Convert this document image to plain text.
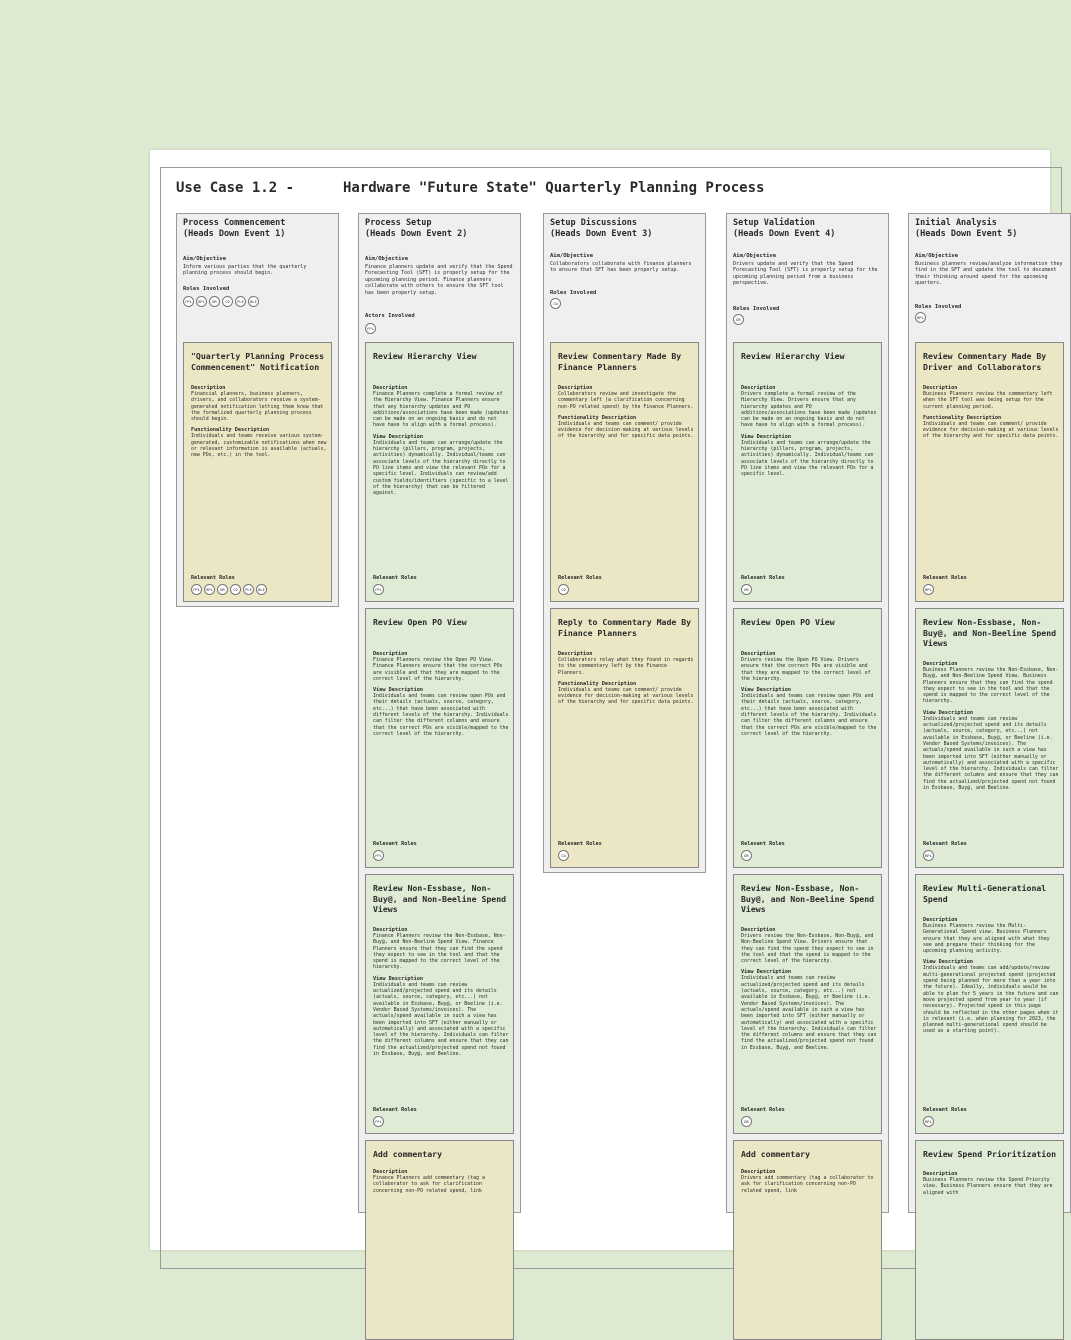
Use Case 1.2 -	Hardware "Future State" Quarterly Planning Process
Process Commencement
(Heads Down Event 1)
Aim/Objective
Inform various parties that the quarterly planning process should begin.
Roles Involved
FPL	BPL	DR	CO	PLE	BLE
"Quarterly Planning Process Commencement" Notification
Description
Financial planners, business planners, drivers, and collaborators receive a system-generated notification letting them know that the formalized quarterly planning process should begin.
Functionality Description
Individuals and teams receive various system-generated, customizable notifications when new or relevant information is available (actuals, new POs, etc.) in the tool.
Relevant Roles
FPL	BPL	DR	CO	PLE	BLE
Process Setup
(Heads Down Event 2)
Aim/Objective
Finance planners update and verify that the Spend Forecasting Tool (SFT) is properly setup for the upcoming planning period. Finance planners collaborate with others to ensure the SFT tool has been properly setup.
Actors Involved
FPL
Review Hierarchy View
Description
Finance Planners complete a formal review of the Hierarchy View. Finance Planners ensure that any hierarchy updates and PO additions/associations have been made (updates can be made on an ongoing basis and do not have have to align with a formal process).
View Description
Individuals and teams can arrange/update the hierarchy (pillars, program, projects, activities) dynamically. Individual/teams can associate levels of the hierarchy directly to PO line items and view the relevant POs for a specific level. Individuals can review/add custom fields/identifiers (specific to a level of the hierarchy) that can be filtered against.
Relevant Roles
FPL
Review Open PO View
Description
Finance Planners review the Open PO View. Finance Planners ensure that the correct POs are visible and that they are mapped to the correct level of the hierarchy.
View Description
Individuals and teams can review open POs and their details (actuals, source, category, etc...) that have been associated with different levels of the hierarchy. Individuals can filter the different columns and ensure that the correct POs are visible/mapped to the correct level of the hierarchy.
Relevant Roles
FPL
Review Non-Essbase, Non-Buy@, and Non-Beeline Spend Views
Description
Finance Planners review the Non-Essbase, Non-Buy@, and Non-Beeline Spend View. Finance Planners ensure that they can find the spend they expect to see in the tool and that the spend is mapped to the correct level of the hierarchy.
View Description
Individuals and teams can review actualized/projected spend and its details (actuals, source, category, etc...) not available in Essbase, Buy@, or Beeline (i.e. Vendor Based Systems/invoices). The actuals/spend available in such a view has been imported into SFT (either manually or automatically) and associated with a specific level of the hierarchy. Individuals can filter the different columns and ensure that they can find the actualized/projected spend not found in Essbase, Buy@, and Beeline.
Relevant Roles
FPL
Add commentary
Description
Finance Planners add commentary (tag a collaborator to ask for clarification concerning non-PO related spend, link
Setup Discussions
(Heads Down Event 3)
Aim/Objective
Collaborators collaborate with finance planners to ensure that SFT has been properly setup.
Roles Involved
CO
Review Commentary Made By Finance Planners
Description
Collaborators review and investigate the commentary left (a clarification concerning non-PO related spend) by the Finance Planners.
Functionality Description
Individuals and teams can comment/ provide evidence for decision-making at various levels of the hierarchy and for specific data points.
Relevant Roles
CO
Reply to Commentary Made By Finance Planners
Description
Collaborators relay what they found in regards to the commentary left by the Finance Planners.
Functionality Description
Individuals and teams can comment/ provide evidence for decision-making at various levels of the hierarchy and for specific data points.
Relevant Roles
CO
Setup Validation
(Heads Down Event 4)
Aim/Objective
Drivers update and verify that the Spend Forecasting Tool (SFT) is properly setup for the upcoming planning period from a business perspective.
Roles Involved
DR
Review Hierarchy View
Description
Drivers complete a formal review of the Hierarchy View. Drivers ensure that any hierarchy updates and PO additions/associations have been made (updates can be made on an ongoing basis and do not have have to align with a formal process).
View Description
Individuals and teams can arrange/update the hierarchy (pillars, program, projects, activities) dynamically. Individual/teams can associate levels of the hierarchy directly to PO line items and view the relevant POs for a specific level.
Relevant Roles
DR
Review Open PO View
Description
Drivers review the Open PO View. Drivers ensure that the correct POs are visible and that they are mapped to the correct level of the hierarchy.
View Description
Individuals and teams can review open POs and their details (actuals, source, category, etc...) that have been associated with different levels of the hierarchy. Individuals can filter the different columns and ensure that the correct POs are visible/mapped to the correct level of the hierarchy.
Relevant Roles
DR
Review Non-Essbase, Non-Buy@, and Non-Beeline Spend Views
Description
Drivers review the Non-Essbase, Non-Buy@, and Non-Beeline Spend View. Drivers ensure that they can find the spend they expect to see in the tool and that the spend is mapped to the correct level of the hierarchy.
View Description
Individuals and teams can review actualized/projected spend and its details (actuals, source, category, etc...) not available in Essbase, Buy@, or Beeline (i.e. Vendor Based Systems/invoices). The actuals/spend available in such a view has been imported into SFT (either manually or automatically) and associated with a specific level of the hierarchy. Individuals can filter the different columns and ensure that they can find the actualized/projected spend not found in Essbase, Buy@, and Beeline.
Relevant Roles
DR
Add commentary
Description
Drivers add commentary (tag a collaborator to ask for clarification concerning non-PO related spend, link
Initial Analysis
(Heads Down Event 5)
Aim/Objective
Business planners review/analyze information they find in the SFT and update the tool to document their thinking around spend for the upcoming quarters.
Roles Involved
BPL
Review Commentary Made By Driver and Collaborators
Description
Business Planners review the commentary left when the SFT tool was being setup for the current planning period.
Functionality Description
Individuals and teams can comment/ provide evidence for decision-making at various levels of the hierarchy and for specific data points.
Relevant Roles
BPL
Review Non-Essbase, Non-Buy@, and Non-Beeline Spend Views
Description
Business Planners review the Non-Essbase, Non-Buy@, and Non-Beeline Spend View. Business Planners ensure that they can find the spend they expect to see in the tool and that the spend is mapped to the correct level of the hierarchy.
View Description
Individuals and teams can review actualized/projected spend and its details (actuals, source, category, etc...) not available in Essbase, Buy@, or Beeline (i.e. Vendor Based Systems/invoices). The actuals/spend available in such a view has been imported into SFT (either manually or automatically) and associated with a specific level of the hierarchy. Individuals can filter the different columns and ensure that they can find the actualized/projected spend not found in Essbase, Buy@, and Beeline.
Relevant Roles
BPL
Review Multi-Generational Spend
Description
Business Planners review the Multi-Generational Spend view. Business Planners ensure that they are aligned with what they see and prepare their thinking for the upcoming planning activity.
View Description
Individuals and teams can add/update/review multi-generational projected spend (projected spend being planned for more than a year into the future). Ideally, individuals would be able to plan for 5 years in the future and can move projected spend from year to year (if necessary). Projected spend in this page should be reflected in the other pages when it is relevant (i.e. when planning for 2023, the planned multi-generational spend should be used as a starting point).
Relevant Roles
BPL
Review Spend Prioritization
Description
Business Planners review the Spend Priority view. Business Planners ensure that they are aligned with
